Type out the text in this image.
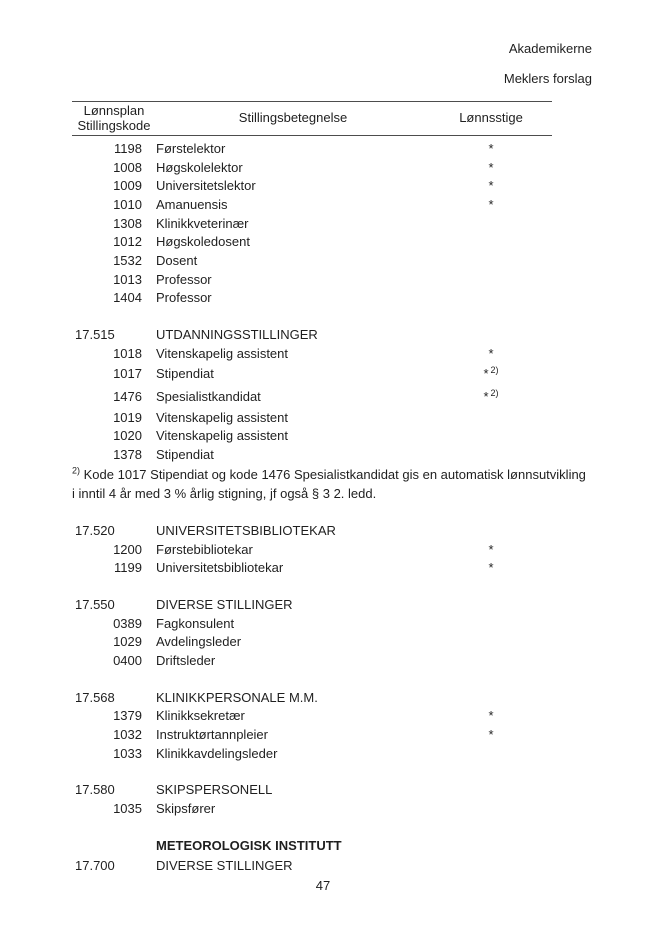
Akademikerne
Meklers forslag
Lønnsplan
Stillingskode
Stillingsbetegnelse	Lønnsstige
1198 Førstelektor	*
1008 Høgskolelektor	*
1009 Universitetslektor	*
1010 Amanuensis	*
1308 Klinikkveterinær
1012 Høgskoledosent
1532 Dosent
1013 Professor
1404 Professor
17.515	UTDANNINGSSTILLINGER
1018 Vitenskapelig assistent	*
1017 Stipendiat	* $^{2)}$
1476 Spesialistkandidat	* $^{2)}$
1019 Vitenskapelig assistent
1020 Vitenskapelig assistent
1378 Stipendiat
$^{2)}$ Kode 1017 Stipendiat og kode 1476 Spesialistkandidat gis en automatisk lønnsutvikling i inntil 4 år med 3 % årlig stigning, jf også § 3 2. ledd.
17.520	UNIVERSITETSBIBLIOTEKAR
1200 Førstebibliotekar	*
1199 Universitetsbibliotekar	*
17.550	DIVERSE STILLINGER
0389 Fagkonsulent
1029 Avdelingsleder
0400 Driftsleder
17.568	KLINIKKPERSONALE M.M.
1379 Klinikksekretær	*
1032 Instruktørtannpleier	*
1033 Klinikkavdelingsleder
17.580	SKIPSPERSONELL
1035 Skipsfører
METEOROLOGISK INSTITUTT
17.700	DIVERSE STILLINGER
47
